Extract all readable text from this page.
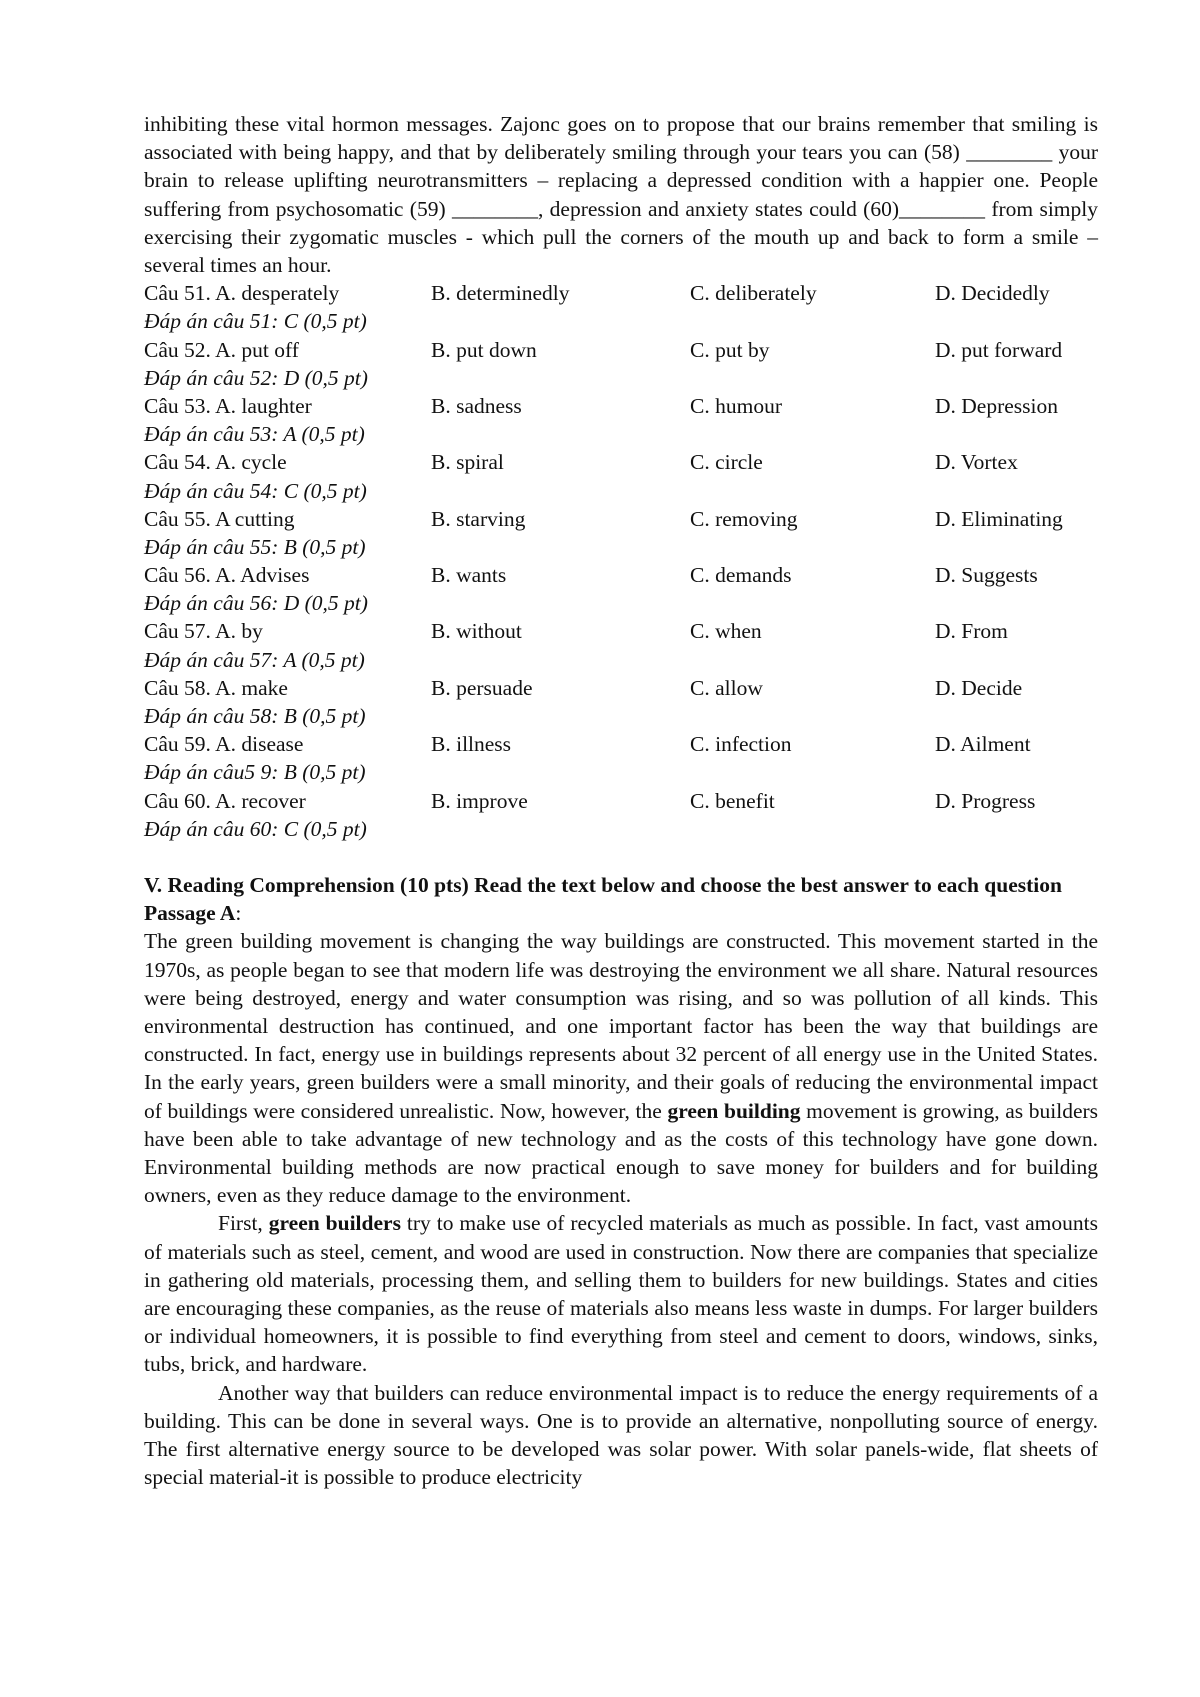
inhibiting these vital hormon messages. Zajonc goes on to propose that our brains remember that smiling is associated with being happy, and that by deliberately smiling through your tears you can (58) ________ your brain to release uplifting neurotransmitters – replacing a depressed condition with a happier one. People suffering from psychosomatic (59) ________, depression and anxiety states could (60)________ from simply exercising their zygomatic muscles - which pull the corners of the mouth up and back to form a smile – several times an hour.

Câu 51. A. desperately	B. determinedly	C. deliberately	D. Decidedly
Đáp án câu 51: C (0,5 pt)
Câu 52. A. put off	B. put down	C. put by	D. put forward
Đáp án câu 52: D (0,5 pt)
Câu 53. A. laughter	B. sadness	C. humour	D. Depression
Đáp án câu 53: A (0,5 pt)
Câu 54. A. cycle	B. spiral	C. circle	D. Vortex
Đáp án câu 54: C (0,5 pt)
Câu 55. A cutting	B. starving	C. removing	D. Eliminating
Đáp án câu 55: B (0,5 pt)
Câu 56. A. Advises	B. wants	C. demands	D. Suggests
Đáp án câu 56: D (0,5 pt)
Câu 57. A. by	B. without	C. when	D. From
Đáp án câu 57: A (0,5 pt)
Câu 58. A. make	B. persuade	C. allow	D. Decide
Đáp án câu 58: B (0,5 pt)
Câu 59. A. disease	B. illness	C. infection	D. Ailment
Đáp án câu5 9: B (0,5 pt)
Câu 60. A. recover	B. improve	C. benefit	D. Progress
Đáp án câu 60: C (0,5 pt)

V. Reading Comprehension (10 pts) Read the text below and choose the best answer to each question

Passage A:

The green building movement is changing the way buildings are constructed. This movement started in the 1970s, as people began to see that modern life was destroying the environment we all share. Natural resources were being destroyed, energy and water consumption was rising, and so was pollution of all kinds. This environmental destruction has continued, and one important factor has been the way that buildings are constructed. In fact, energy use in buildings represents about 32 percent of all energy use in the United States. In the early years, green builders were a small minority, and their goals of reducing the environmental impact of buildings were considered unrealistic. Now, however, the green building movement is growing, as builders have been able to take advantage of new technology and as the costs of this technology have gone down. Environmental building methods are now practical enough to save money for builders and for building owners, even as they reduce damage to the environment.

First, green builders try to make use of recycled materials as much as possible. In fact, vast amounts of materials such as steel, cement, and wood are used in construction. Now there are companies that specialize in gathering old materials, processing them, and selling them to builders for new buildings. States and cities are encouraging these companies, as the reuse of materials also means less waste in dumps. For larger builders or individual homeowners, it is possible to find everything from steel and cement to doors, windows, sinks, tubs, brick, and hardware.

Another way that builders can reduce environmental impact is to reduce the energy requirements of a building. This can be done in several ways. One is to provide an alternative, nonpolluting source of energy. The first alternative energy source to be developed was solar power. With solar panels-wide, flat sheets of special material-it is possible to produce electricity
